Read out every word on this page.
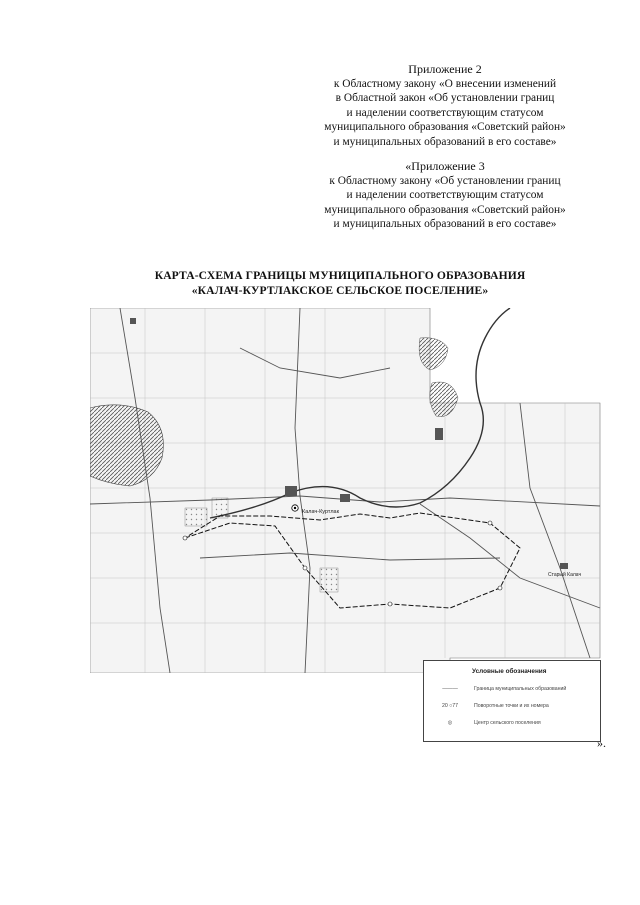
Приложение 2
к Областному закону «О внесении изменений
в Областной закон «Об установлении границ
и наделении соответствующим статусом
муниципального образования «Советский район»
и муниципальных образований в его составе»
«Приложение 3
к Областному закону «Об установлении границ
и наделении соответствующим статусом
муниципального образования «Советский район»
и муниципальных образований в его составе»
КАРТА-СХЕМА ГРАНИЦЫ МУНИЦИПАЛЬНОГО ОБРАЗОВАНИЯ
«КАЛАЧ-КУРТЛАКСКОЕ СЕЛЬСКОЕ ПОСЕЛЕНИЕ»
Калач-Куртлак
Старый Калач
Условные обозначения
———	Граница муниципальных образований
20 ○77	Поворотные точки и их номера
◎	Центр сельского поселения
».
